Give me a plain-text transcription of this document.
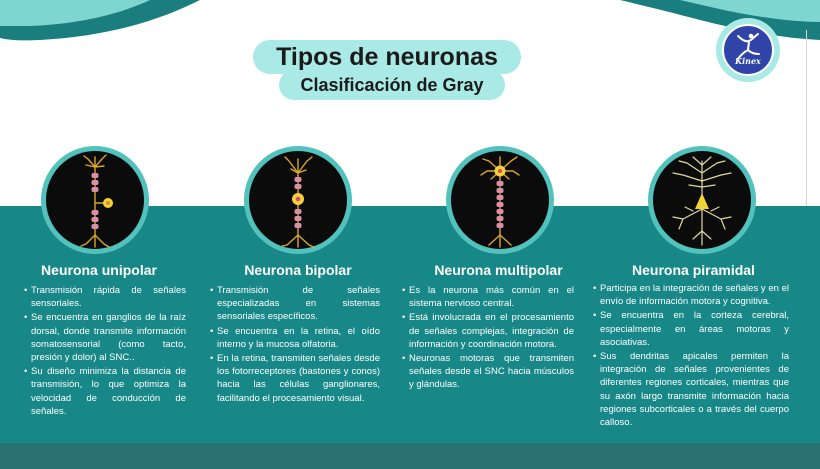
Tipos de neuronas
Clasificación de Gray
Kinex
Neurona unipolar	Neurona bipolar	Neurona multipolar	Neurona piramidal
• Transmisión rápida de señales sensoriales.
• Se encuentra en ganglios de la raíz dorsal, donde transmite información somatosensorial (como tacto, presión y dolor) al SNC..
• Su diseño minimiza la distancia de transmisión, lo que optimiza la velocidad de conducción de señales.
• Transmisión de señales especializadas en sistemas sensoriales específicos.
• Se encuentra en la retina, el oído interno y la mucosa olfatoria.
• En la retina, transmiten señales desde los fotorreceptores (bastones y conos) hacia las células ganglionares, facilitando el procesamiento visual.
• Es la neurona más común en el sistema nervioso central.
• Está involucrada en el procesamiento de señales complejas, integración de información y coordinación motora.
• Neuronas motoras que transmiten señales desde el SNC hacia músculos y glándulas.
• Participa en la integración de señales y en el envío de información motora y cognitiva.
• Se encuentra en la corteza cerebral, especialmente en áreas motoras y asociativas.
• Sus dendritas apicales permiten la integración de señales provenientes de diferentes regiones corticales, mientras que su axón largo transmite información hacia regiones subcorticales o a través del cuerpo calloso.
